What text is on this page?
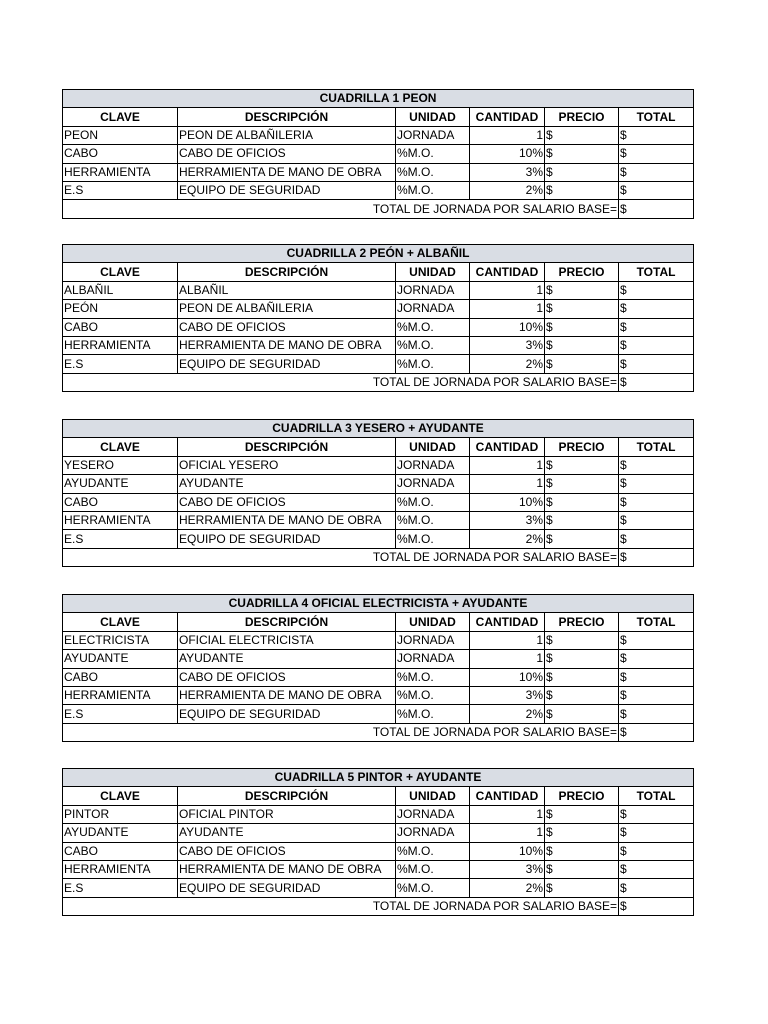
CUADRILLA 1 PEON					
CLAVE	DESCRIPCIÓN	UNIDAD	CANTIDAD	PRECIO	TOTAL
PEON	PEON DE ALBAÑILERIA	JORNADA	1	$	$
CABO	CABO DE OFICIOS	%M.O.	10%	$	$
HERRAMIENTA	HERRAMIENTA DE MANO DE OBRA	%M.O.	3%	$	$
E.S	EQUIPO DE SEGURIDAD	%M.O.	2%	$	$
TOTAL DE JORNADA POR SALARIO BASE=					$
CUADRILLA 2 PEÓN + ALBAÑIL					
CLAVE	DESCRIPCIÓN	UNIDAD	CANTIDAD	PRECIO	TOTAL
ALBAÑIL	ALBAÑIL	JORNADA	1	$	$
PEÓN	PEON DE ALBAÑILERIA	JORNADA	1	$	$
CABO	CABO DE OFICIOS	%M.O.	10%	$	$
HERRAMIENTA	HERRAMIENTA DE MANO DE OBRA	%M.O.	3%	$	$
E.S	EQUIPO DE SEGURIDAD	%M.O.	2%	$	$
TOTAL DE JORNADA POR SALARIO BASE=					$
CUADRILLA 3 YESERO + AYUDANTE					
CLAVE	DESCRIPCIÓN	UNIDAD	CANTIDAD	PRECIO	TOTAL
YESERO	OFICIAL YESERO	JORNADA	1	$	$
AYUDANTE	AYUDANTE	JORNADA	1	$	$
CABO	CABO DE OFICIOS	%M.O.	10%	$	$
HERRAMIENTA	HERRAMIENTA DE MANO DE OBRA	%M.O.	3%	$	$
E.S	EQUIPO DE SEGURIDAD	%M.O.	2%	$	$
TOTAL DE JORNADA POR SALARIO BASE=					$
CUADRILLA 4 OFICIAL ELECTRICISTA + AYUDANTE					
CLAVE	DESCRIPCIÓN	UNIDAD	CANTIDAD	PRECIO	TOTAL
ELECTRICISTA	OFICIAL ELECTRICISTA	JORNADA	1	$	$
AYUDANTE	AYUDANTE	JORNADA	1	$	$
CABO	CABO DE OFICIOS	%M.O.	10%	$	$
HERRAMIENTA	HERRAMIENTA DE MANO DE OBRA	%M.O.	3%	$	$
E.S	EQUIPO DE SEGURIDAD	%M.O.	2%	$	$
TOTAL DE JORNADA POR SALARIO BASE=					$
CUADRILLA 5 PINTOR + AYUDANTE					
CLAVE	DESCRIPCIÓN	UNIDAD	CANTIDAD	PRECIO	TOTAL
PINTOR	OFICIAL PINTOR	JORNADA	1	$	$
AYUDANTE	AYUDANTE	JORNADA	1	$	$
CABO	CABO DE OFICIOS	%M.O.	10%	$	$
HERRAMIENTA	HERRAMIENTA DE MANO DE OBRA	%M.O.	3%	$	$
E.S	EQUIPO DE SEGURIDAD	%M.O.	2%	$	$
TOTAL DE JORNADA POR SALARIO BASE=					$
